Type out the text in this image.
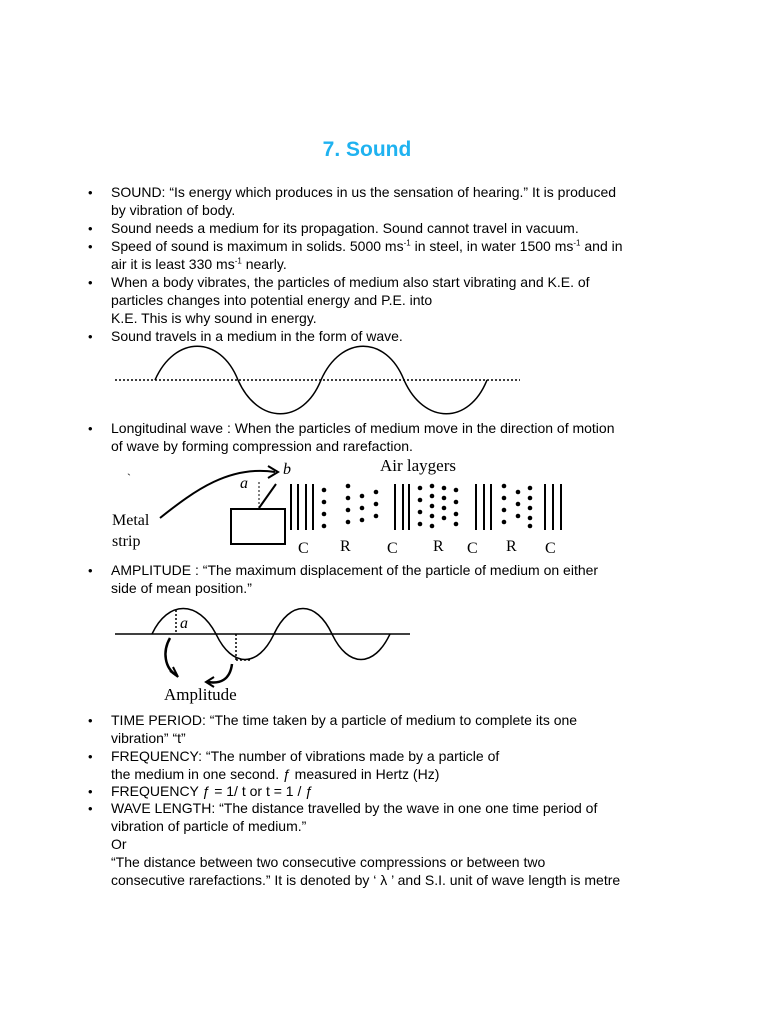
7. Sound
• SOUND: “Is energy which produces in us the sensation of hearing.” It is produced
by vibration of body.
• Sound needs a medium for its propagation. Sound cannot travel in vacuum.
• Speed of sound is maximum in solids. 5000 $ms^{-1}$ in steel, in water 1500 $ms^{-1}$ and in
air it is least 330 $ms^{-1}$ nearly.
• When a body vibrates, the particles of medium also start vibrating and K.E. of
particles changes into potential energy and P.E. into
K.E. This is why sound in energy.
• Sound travels in a medium in the form of wave.
• Longitudinal wave : When the particles of medium move in the direction of motion
of wave by forming compression and rarefaction.
`
Air laygers
Metal
strip
b
a
C R C R C R C
• AMPLITUDE : “The maximum displacement of the particle of medium on either
side of mean position.”
a
Amplitude
• TIME PERIOD: “The time taken by a particle of medium to complete its one
vibration” “t”
• FREQUENCY: “The number of vibrations made by a particle of
the medium in one second. ƒ measured in Hertz (Hz)
• FREQUENCY ƒ = 1/ t or t = 1 / ƒ
• WAVE LENGTH: “The distance travelled by the wave in one one time period of
vibration of particle of medium.”
Or
“The distance between two consecutive compressions or between two
consecutive rarefactions.” It is denoted by ‘ λ ’ and S.I. unit of wave length is metre
